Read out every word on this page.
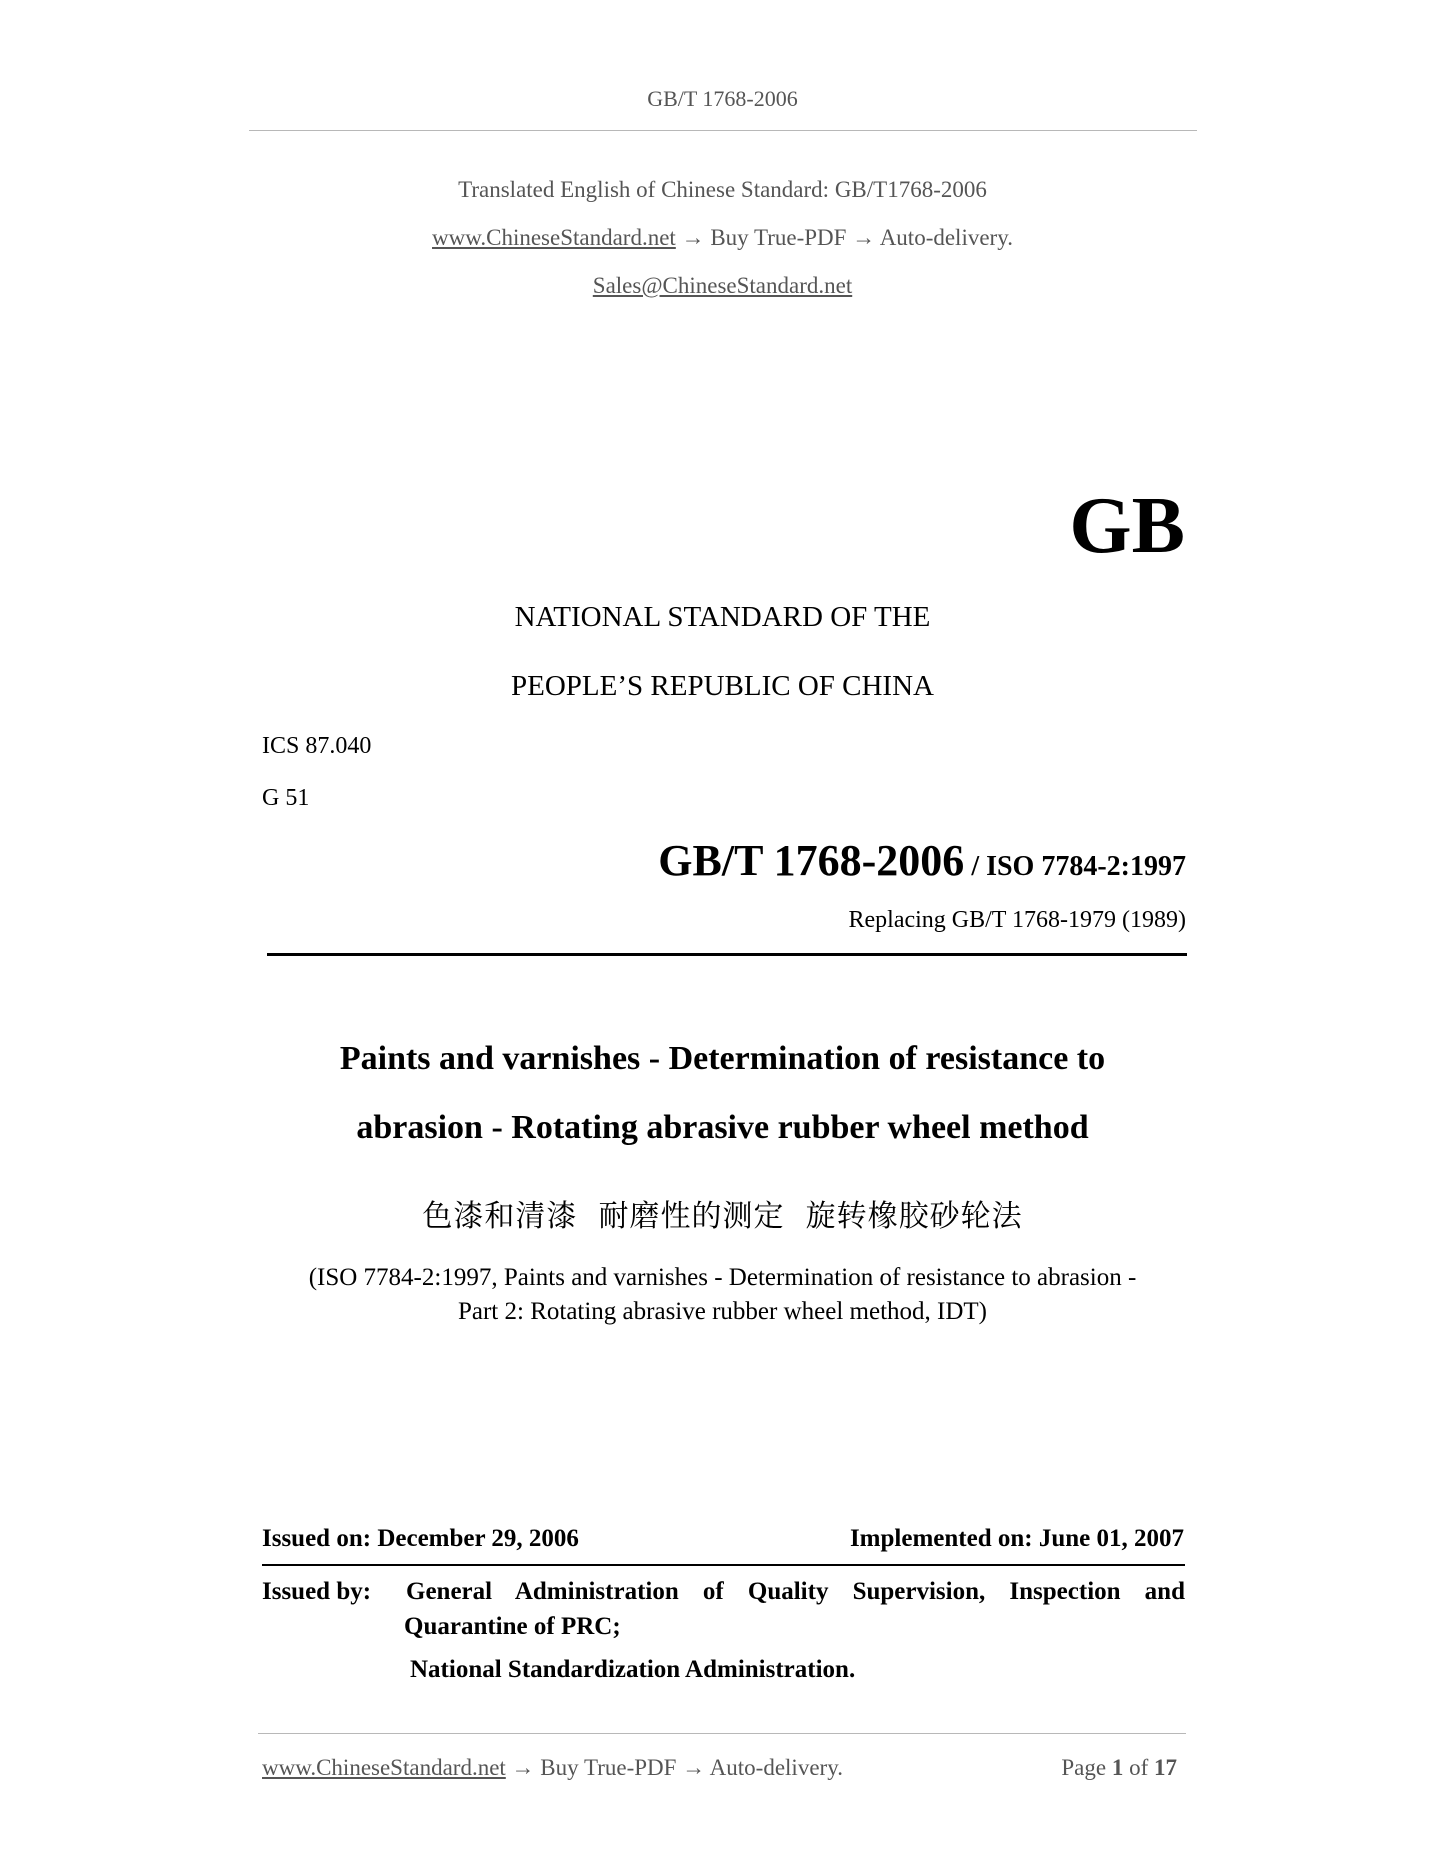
GB/T 1768-2006
Translated English of Chinese Standard: GB/T1768-2006
www.ChineseStandard.net → Buy True-PDF → Auto-delivery.
Sales@ChineseStandard.net
GB
NATIONAL STANDARD OF THE
PEOPLE’S REPUBLIC OF CHINA
ICS 87.040
G 51
GB/T 1768-2006 / ISO 7784-2:1997
Replacing GB/T 1768-1979 (1989)
Paints and varnishes - Determination of resistance to
abrasion - Rotating abrasive rubber wheel method
色漆和清漆  耐磨性的测定  旋转橡胶砂轮法
(ISO 7784-2:1997, Paints and varnishes - Determination of resistance to abrasion -
Part 2: Rotating abrasive rubber wheel method, IDT)
Issued on: December 29, 2006	Implemented on: June 01, 2007
Issued by: General Administration of Quality Supervision, Inspection and
Quarantine of PRC;
National Standardization Administration.
www.ChineseStandard.net → Buy True-PDF → Auto-delivery.	Page 1 of 17
